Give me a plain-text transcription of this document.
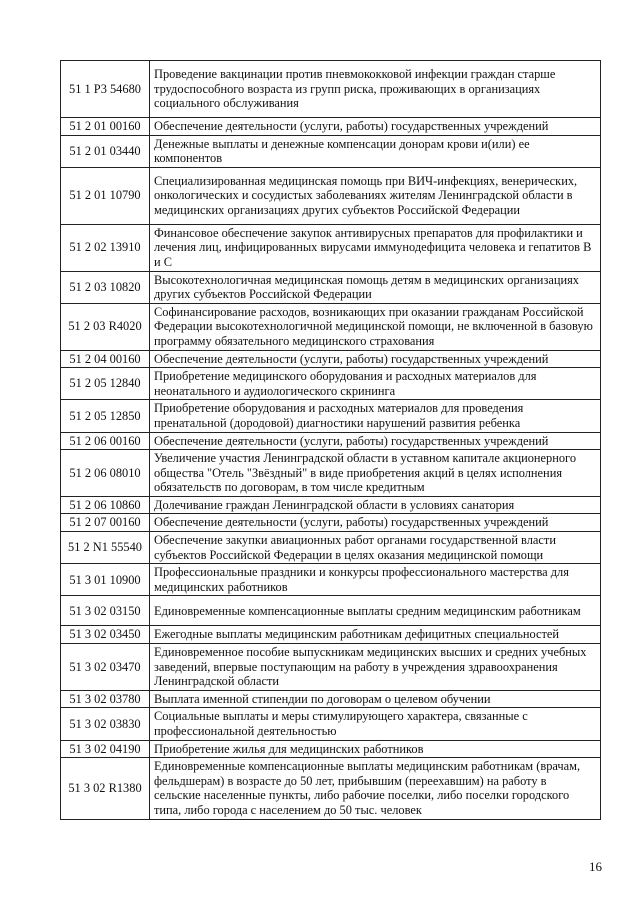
51 1 Р3 54680	Проведение вакцинации против пневмококковой инфекции граждан старше трудоспособного возраста из групп риска, проживающих в организациях социального обслуживания
51 2 01 00160	Обеспечение деятельности (услуги, работы) государственных учреждений
51 2 01 03440	Денежные выплаты и денежные компенсации донорам крови и(или) ее компонентов
51 2 01 10790	Специализированная медицинская помощь при ВИЧ-инфекциях, венерических, онкологических и сосудистых заболеваниях жителям Ленинградской области в медицинских организациях других субъектов Российской Федерации
51 2 02 13910	Финансовое обеспечение закупок антивирусных препаратов для профилактики и лечения лиц, инфицированных вирусами иммунодефицита человека и гепатитов В и С
51 2 03 10820	Высокотехнологичная медицинская помощь детям в медицинских организациях других субъектов Российской Федерации
51 2 03 R4020	Софинансирование расходов, возникающих при оказании гражданам Российской Федерации высокотехнологичной медицинской помощи, не включенной в базовую программу обязательного медицинского страхования
51 2 04 00160	Обеспечение деятельности (услуги, работы) государственных учреждений
51 2 05 12840	Приобретение медицинского оборудования и расходных материалов для неонатального и аудиологического скрининга
51 2 05 12850	Приобретение оборудования и расходных материалов для проведения пренатальной (дородовой) диагностики нарушений развития ребенка
51 2 06 00160	Обеспечение деятельности (услуги, работы) государственных учреждений
51 2 06 08010	Увеличение участия Ленинградской области в уставном капитале акционерного общества "Отель "Звёздный" в виде приобретения акций в целях исполнения обязательств по договорам, в том числе кредитным
51 2 06 10860	Долечивание граждан Ленинградской области в условиях санатория
51 2 07 00160	Обеспечение деятельности (услуги, работы) государственных учреждений
51 2 N1 55540	Обеспечение закупки авиационных работ органами государственной власти субъектов Российской Федерации в целях оказания медицинской помощи
51 3 01 10900	Профессиональные праздники и конкурсы профессионального мастерства для медицинских работников
51 3 02 03150	Единовременные компенсационные выплаты средним медицинским работникам
51 3 02 03450	Ежегодные выплаты медицинским работникам дефицитных специальностей
51 3 02 03470	Единовременное пособие выпускникам медицинских высших и средних учебных заведений, впервые поступающим на работу в учреждения здравоохранения Ленинградской области
51 3 02 03780	Выплата именной стипендии по договорам о целевом обучении
51 3 02 03830	Социальные выплаты и меры стимулирующего характера, связанные с профессиональной деятельностью
51 3 02 04190	Приобретение жилья для медицинских работников
51 3 02 R1380	Единовременные компенсационные выплаты медицинским работникам (врачам, фельдшерам) в возрасте до 50 лет, прибывшим (переехавшим) на работу в сельские населенные пункты, либо рабочие поселки, либо поселки городского типа, либо города с населением до 50 тыс. человек
16
